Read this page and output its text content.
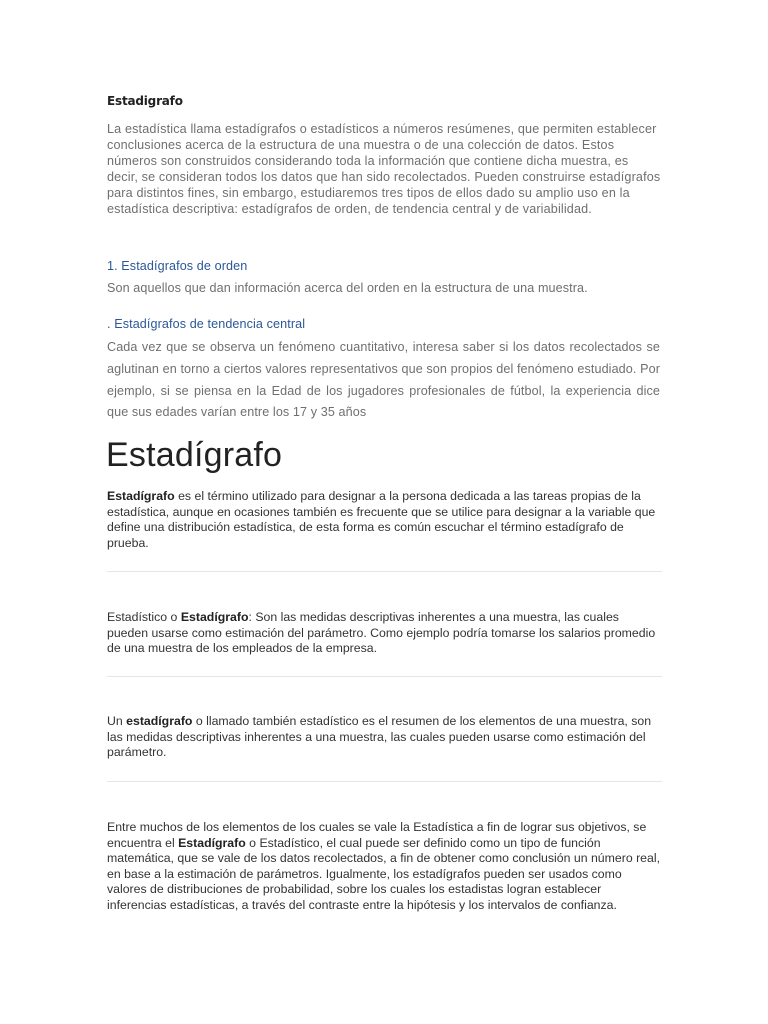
Estadigrafo
La estadística llama estadígrafos o estadísticos a números resúmenes, que permiten establecer conclusiones acerca de la estructura de una muestra o de una colección de datos. Estos números son construidos considerando toda la información que contiene dicha muestra, es decir, se consideran todos los datos que han sido recolectados. Pueden construirse estadígrafos para distintos fines, sin embargo, estudiaremos tres tipos de ellos dado su amplio uso en la estadística descriptiva: estadígrafos de orden, de tendencia central y de variabilidad.
1. Estadígrafos de orden
Son aquellos que dan información acerca del orden en la estructura de una muestra.
. Estadígrafos de tendencia central
Cada vez que se observa un fenómeno cuantitativo, interesa saber si los datos recolectados se aglutinan en torno a ciertos valores representativos que son propios del fenómeno estudiado. Por ejemplo, si se piensa en la Edad de los jugadores profesionales de fútbol, la experiencia dice que sus edades varían entre los 17 y 35 años
Estadígrafo
Estadígrafo es el término utilizado para designar a la persona dedicada a las tareas propias de la estadística, aunque en ocasiones también es frecuente que se utilice para designar a la variable que define una distribución estadística, de esta forma es común escuchar el término estadígrafo de prueba.
Estadístico o Estadígrafo: Son las medidas descriptivas inherentes a una muestra, las cuales pueden usarse como estimación del parámetro. Como ejemplo podría tomarse los salarios promedio de una muestra de los empleados de la empresa.
Un estadígrafo o llamado también estadístico es el resumen de los elementos de una muestra, son las medidas descriptivas inherentes a una muestra, las cuales pueden usarse como estimación del parámetro.
Entre muchos de los elementos de los cuales se vale la Estadística a fin de lograr sus objetivos, se encuentra el Estadígrafo o Estadístico, el cual puede ser definido como un tipo de función matemática, que se vale de los datos recolectados, a fin de obtener como conclusión un número real, en base a la estimación de parámetros. Igualmente, los estadígrafos pueden ser usados como valores de distribuciones de probabilidad, sobre los cuales los estadistas logran establecer inferencias estadísticas, a través del contraste entre la hipótesis y los intervalos de confianza.
